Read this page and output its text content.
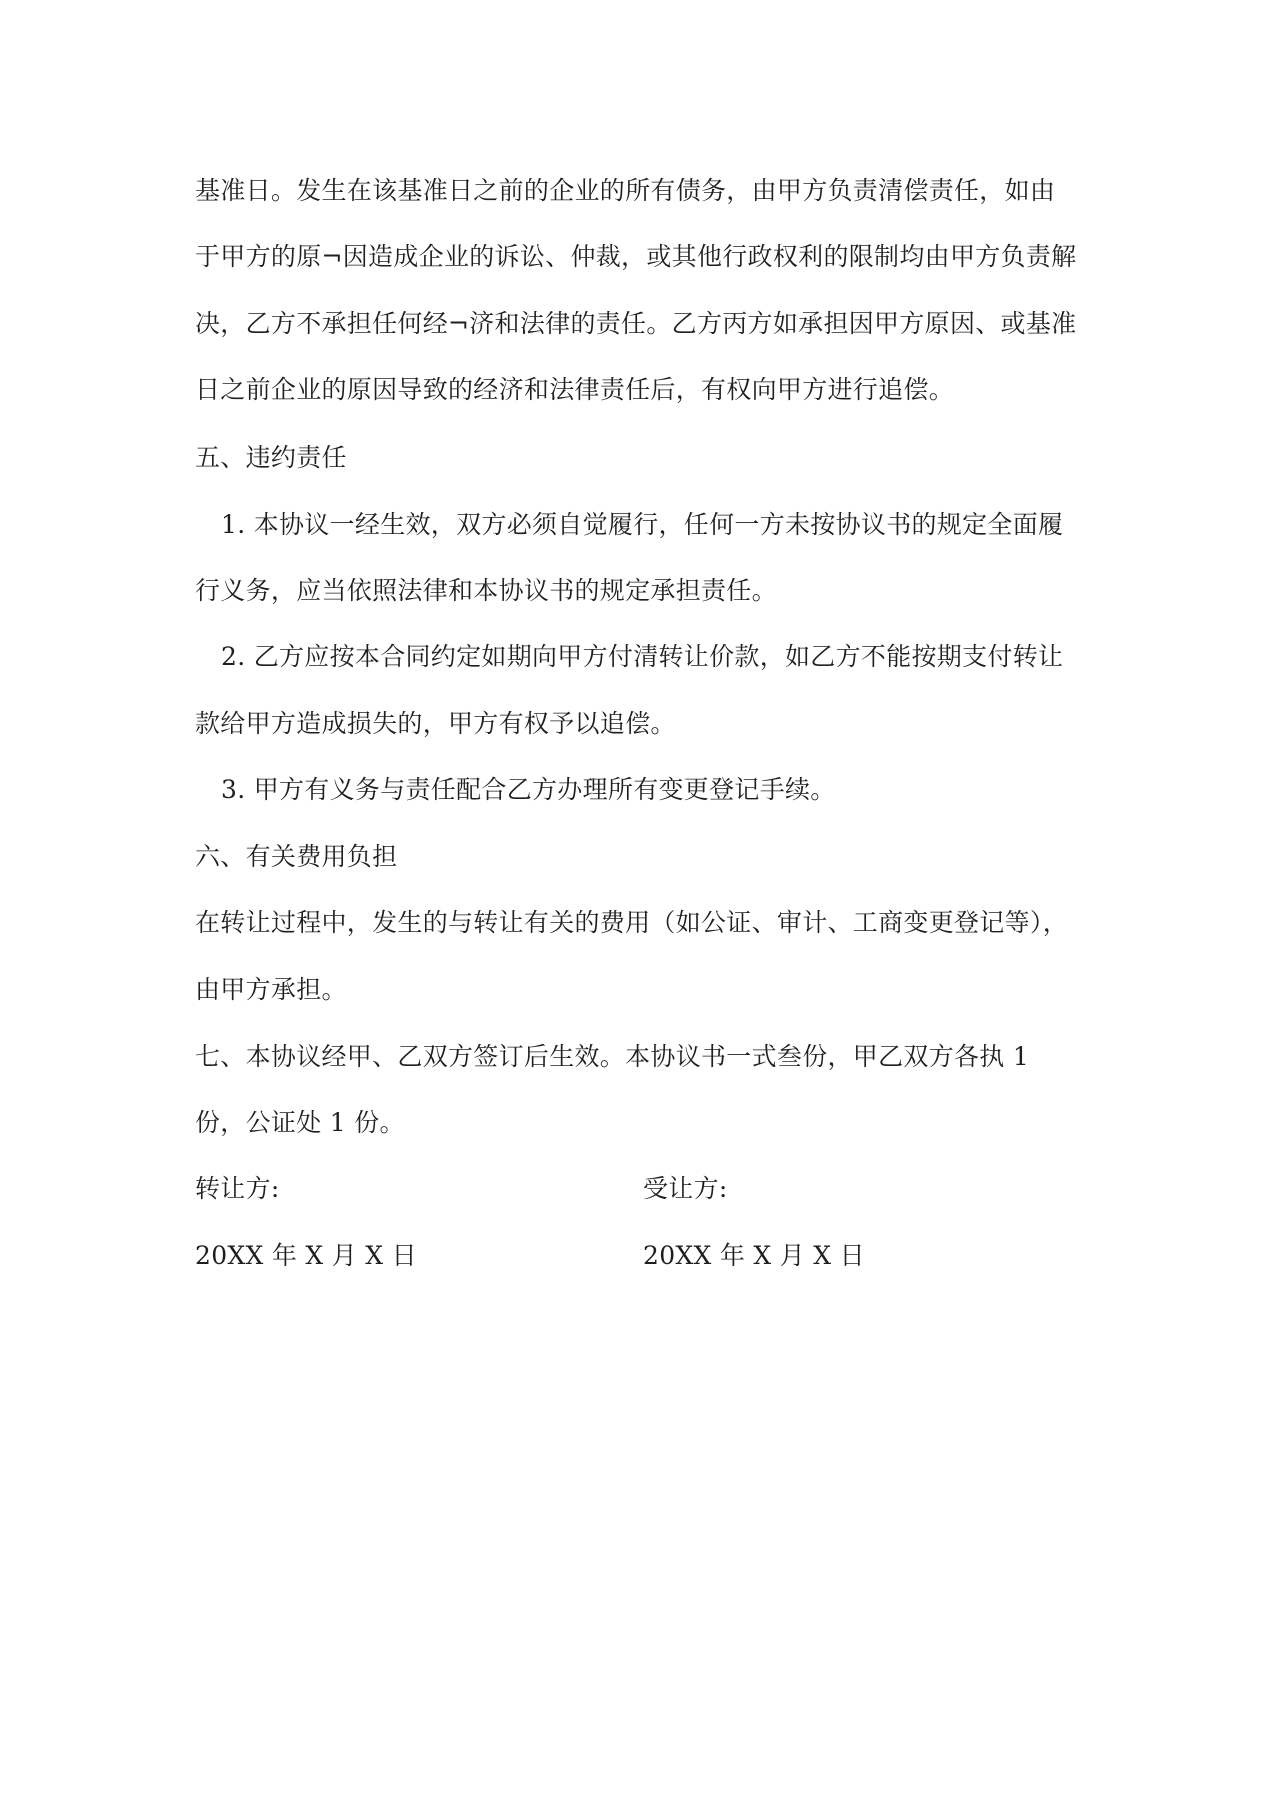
基准日。发生在该基准日之前的企业的所有债务，由甲方负责清偿责任，如由
于甲方的原¬因造成企业的诉讼、仲裁，或其他行政权利的限制均由甲方负责解
决，乙方不承担任何经¬济和法律的责任。乙方丙方如承担因甲方原因、或基准
日之前企业的原因导致的经济和法律责任后，有权向甲方进行追偿。
五、违约责任
1. 本协议一经生效，双方必须自觉履行，任何一方未按协议书的规定全面履
行义务，应当依照法律和本协议书的规定承担责任。
2. 乙方应按本合同约定如期向甲方付清转让价款，如乙方不能按期支付转让
款给甲方造成损失的，甲方有权予以追偿。
3. 甲方有义务与责任配合乙方办理所有变更登记手续。
六、有关费用负担
在转让过程中，发生的与转让有关的费用（如公证、审计、工商变更登记等），
由甲方承担。
七、本协议经甲、乙双方签订后生效。本协议书一式叁份，甲乙双方各执 1
份，公证处 1 份。
转让方:	受让方:
20XX 年 X 月 X 日	20XX 年 X 月 X 日
